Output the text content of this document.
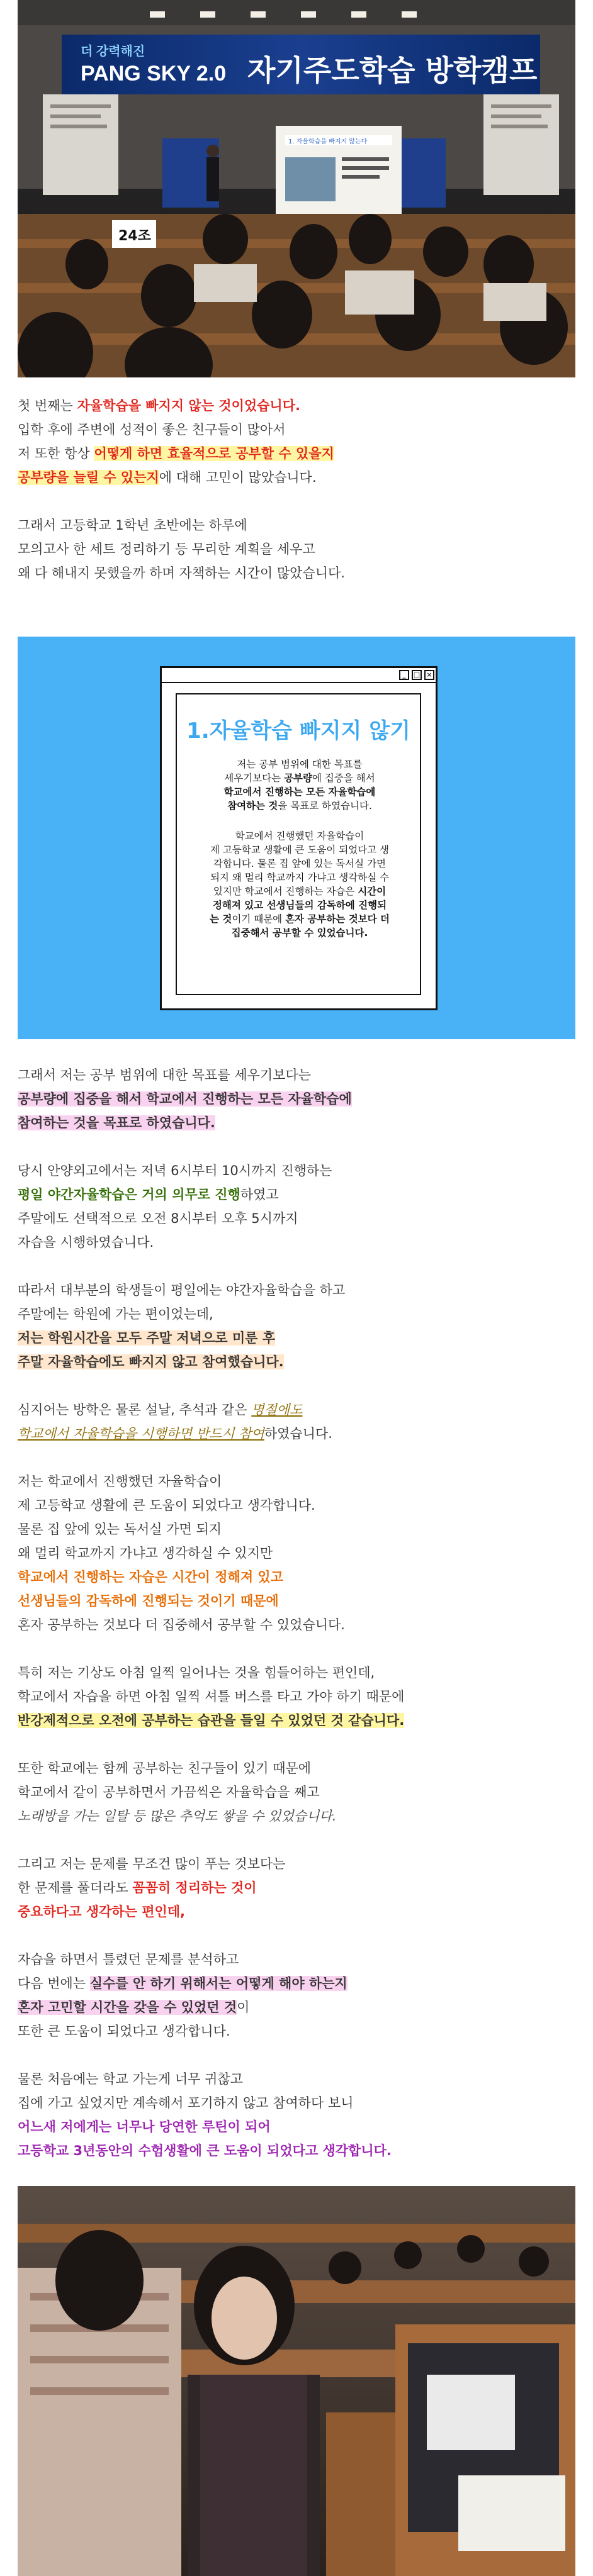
더 강력해진
PANG SKY 2.0 자기주도학습 방학캠프
1. 자율학습을 빠지지 않는다
24조

첫 번째는 자율학습을 빠지지 않는 것이었습니다.

입학 후에 주변에 성적이 좋은 친구들이 많아서

저 또한 항상 어떻게 하면 효율적으로 공부할 수 있을지

공부량을 늘릴 수 있는지에 대해 고민이 많았습니다.

그래서 고등학교 1학년 초반에는 하루에

모의고사 한 세트 정리하기 등 무리한 계획을 세우고

왜 다 해내지 못했을까 하며 자책하는 시간이 많았습니다.

_	□ ×
1.자율학습 빠지지 않기

저는 공부 범위에 대한 목표를

세우기보다는 공부량에 집중을 해서

학교에서 진행하는 모든 자율학습에

참여하는 것을 목표로 하였습니다.

학교에서 진행했던 자율학습이

제 고등학교 생활에 큰 도움이 되었다고 생

각합니다. 물론 집 앞에 있는 독서실 가면

되지 왜 멀리 학교까지 가냐고 생각하실 수

있지만 학교에서 진행하는 자습은 시간이

정해져 있고 선생님들의 감독하에 진행되

는 것이기 때문에 혼자 공부하는 것보다 더

집중해서 공부할 수 있었습니다.

그래서 저는 공부 범위에 대한 목표를 세우기보다는

공부량에 집중을 해서 학교에서 진행하는 모든 자율학습에

참여하는 것을 목표로 하였습니다.

당시 안양외고에서는 저녁 6시부터 10시까지 진행하는

평일 야간자율학습은 거의 의무로 진행하였고

주말에도 선택적으로 오전 8시부터 오후 5시까지

자습을 시행하였습니다.

따라서 대부분의 학생들이 평일에는 야간자율학습을 하고

주말에는 학원에 가는 편이었는데,

저는 학원시간을 모두 주말 저녁으로 미룬 후

주말 자율학습에도 빠지지 않고 참여했습니다.

심지어는 방학은 물론 설날, 추석과 같은 명절에도

학교에서 자율학습을 시행하면 반드시 참여하였습니다.

저는 학교에서 진행했던 자율학습이

제 고등학교 생활에 큰 도움이 되었다고 생각합니다.

물론 집 앞에 있는 독서실 가면 되지

왜 멀리 학교까지 가냐고 생각하실 수 있지만

학교에서 진행하는 자습은 시간이 정해져 있고

선생님들의 감독하에 진행되는 것이기 때문에

혼자 공부하는 것보다 더 집중해서 공부할 수 있었습니다.

특히 저는 기상도 아침 일찍 일어나는 것을 힘들어하는 편인데,

학교에서 자습을 하면 아침 일찍 셔틀 버스를 타고 가야 하기 때문에

반강제적으로 오전에 공부하는 습관을 들일 수 있었던 것 같습니다.

또한 학교에는 함께 공부하는 친구들이 있기 때문에

학교에서 같이 공부하면서 가끔씩은 자율학습을 째고

노래방을 가는 일탈 등 많은 추억도 쌓을 수 있었습니다.

그리고 저는 문제를 무조건 많이 푸는 것보다는

한 문제를 풀더라도 꼼꼼히 정리하는 것이

중요하다고 생각하는 편인데,

자습을 하면서 틀렸던 문제를 분석하고

다음 번에는 실수를 안 하기 위해서는 어떻게 해야 하는지

혼자 고민할 시간을 갖을 수 있었던 것이

또한 큰 도움이 되었다고 생각합니다.

물론 처음에는 학교 가는게 너무 귀찮고

집에 가고 싶었지만 계속해서 포기하지 않고 참여하다 보니

어느새 저에게는 너무나 당연한 루틴이 되어

고등학교 3년동안의 수험생활에 큰 도움이 되었다고 생각합니다.
